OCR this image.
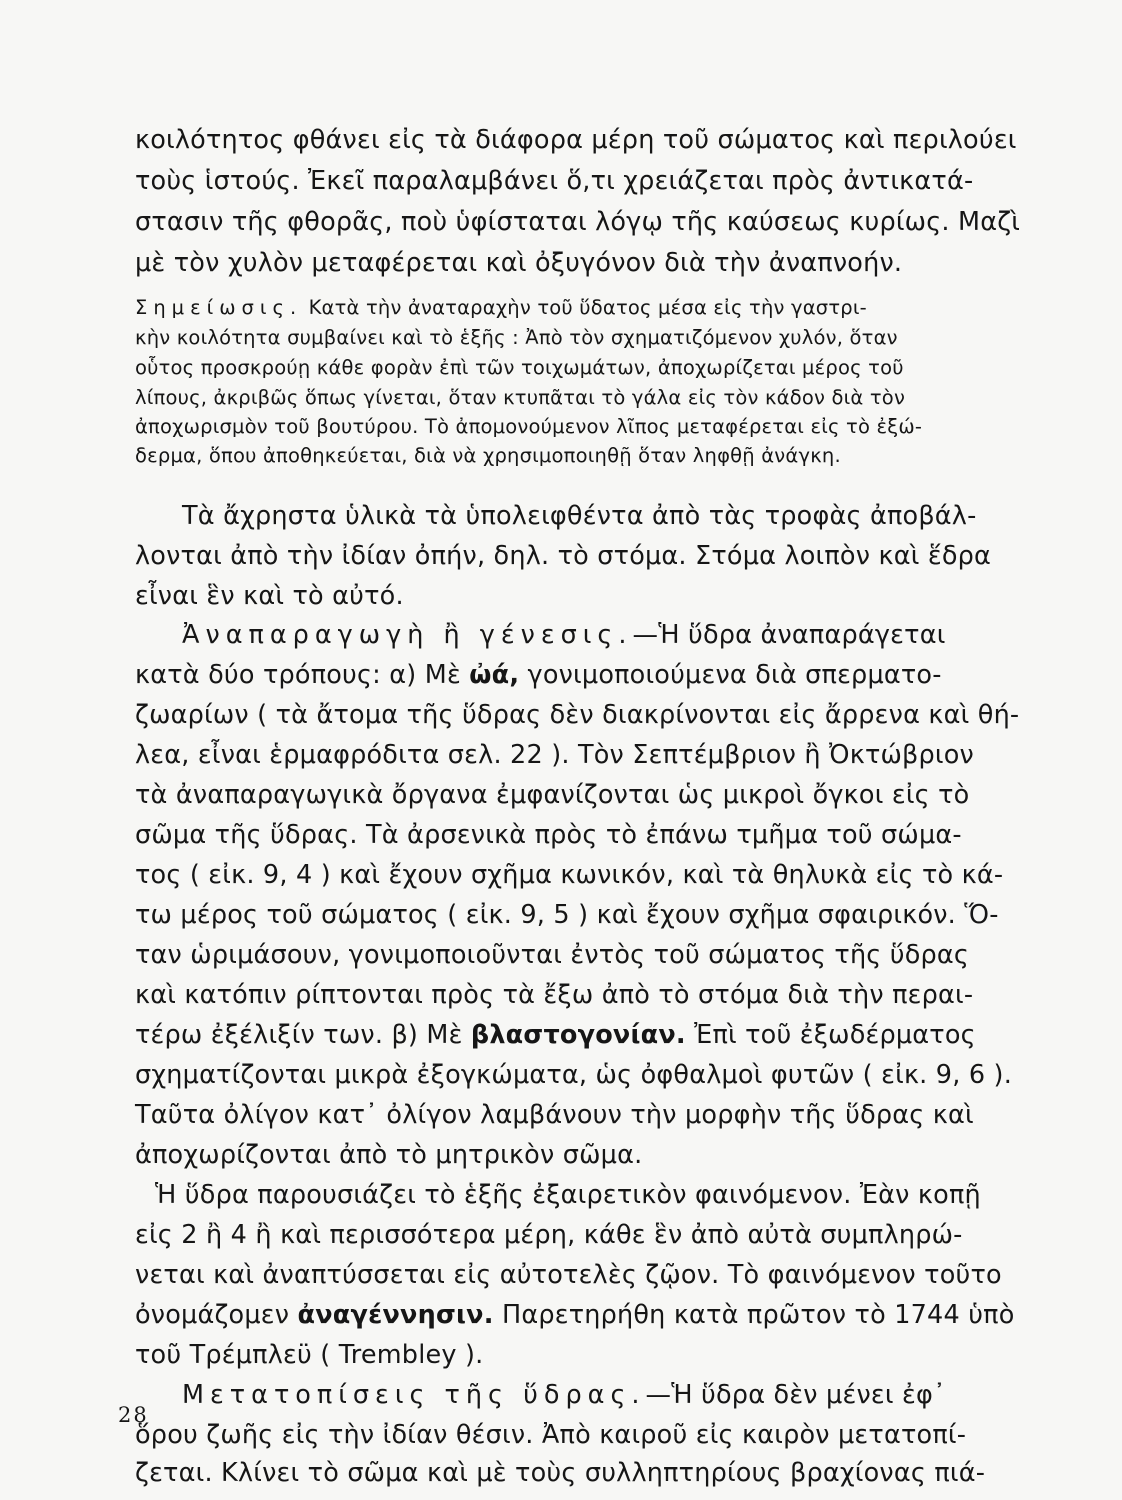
κοιλότητος φθάνει εἰς τὰ διάφορα μέρη τοῦ σώματος καὶ περιλούει
τοὺς ἱστούς. Ἐκεῖ παραλαμβάνει ὅ,τι χρειάζεται πρὸς ἀντικατά-
στασιν τῆς φθορᾶς, ποὺ ὑφίσταται λόγῳ τῆς καύσεως κυρίως. Μαζὶ
μὲ τὸν χυλὸν μεταφέρεται καὶ ὀξυγόνον διὰ τὴν ἀναπνοήν.
Σημείωσις. Κατὰ τὴν ἀναταραχὴν τοῦ ὕδατος μέσα εἰς τὴν γαστρι-
κὴν κοιλότητα συμβαίνει καὶ τὸ ἑξῆς : Ἀπὸ τὸν σχηματιζόμενον χυλόν, ὅταν
οὗτος προσκρούῃ κάθε φορὰν ἐπὶ τῶν τοιχωμάτων, ἀποχωρίζεται μέρος τοῦ
λίπους, ἀκριβῶς ὅπως γίνεται, ὅταν κτυπᾶται τὸ γάλα εἰς τὸν κάδον διὰ τὸν
ἀποχωρισμὸν τοῦ βουτύρου. Τὸ ἀπομονούμενον λῖπος μεταφέρεται εἰς τὸ ἐξώ-
δερμα, ὅπου ἀποθηκεύεται, διὰ νὰ χρησιμοποιηθῇ ὅταν ληφθῇ ἀνάγκη.
Τὰ ἄχρηστα ὑλικὰ τὰ ὑπολειφθέντα ἀπὸ τὰς τροφὰς ἀποβάλ-
λονται ἀπὸ τὴν ἰδίαν ὀπήν, δηλ. τὸ στόμα. Στόμα λοιπὸν καὶ ἕδρα
εἶναι ἓν καὶ τὸ αὐτό.
Ἀναπαραγωγὴ ἢ γένεσις.—Ἡ ὕδρα ἀναπαράγεται
κατὰ δύο τρόπους: α) Μὲ ὠά, γονιμοποιούμενα διὰ σπερματο-
ζωαρίων ( τὰ ἄτομα τῆς ὕδρας δὲν διακρίνονται εἰς ἄρρενα καὶ θή-
λεα, εἶναι ἑρμαφρόδιτα σελ. 22 ). Τὸν Σεπτέμβριον ἢ Ὀκτώβριον
τὰ ἀναπαραγωγικὰ ὄργανα ἐμφανίζονται ὡς μικροὶ ὄγκοι εἰς τὸ
σῶμα τῆς ὕδρας. Τὰ ἀρσενικὰ πρὸς τὸ ἐπάνω τμῆμα τοῦ σώμα-
τος ( εἰκ. 9, 4 ) καὶ ἔχουν σχῆμα κωνικόν, καὶ τὰ θηλυκὰ εἰς τὸ κά-
τω μέρος τοῦ σώματος ( εἰκ. 9, 5 ) καὶ ἔχουν σχῆμα σφαιρικόν. Ὅ-
ταν ὡριμάσουν, γονιμοποιοῦνται ἐντὸς τοῦ σώματος τῆς ὕδρας
καὶ κατόπιν ρίπτονται πρὸς τὰ ἔξω ἀπὸ τὸ στόμα διὰ τὴν περαι-
τέρω ἐξέλιξίν των. β) Μὲ βλαστογονίαν. Ἐπὶ τοῦ ἐξωδέρματος
σχηματίζονται μικρὰ ἐξογκώματα, ὡς ὀφθαλμοὶ φυτῶν ( εἰκ. 9, 6 ).
Ταῦτα ὀλίγον κατ᾽ ὀλίγον λαμβάνουν τὴν μορφὴν τῆς ὕδρας καὶ
ἀποχωρίζονται ἀπὸ τὸ μητρικὸν σῶμα.
Ἡ ὕδρα παρουσιάζει τὸ ἑξῆς ἐξαιρετικὸν φαινόμενον. Ἐὰν κοπῇ
εἰς 2 ἢ 4 ἢ καὶ περισσότερα μέρη, κάθε ἓν ἀπὸ αὐτὰ συμπληρώ-
νεται καὶ ἀναπτύσσεται εἰς αὐτοτελὲς ζῷον. Τὸ φαινόμενον τοῦτο
ὀνομάζομεν ἀναγέννησιν. Παρετηρήθη κατὰ πρῶτον τὸ 1744 ὑπὸ
τοῦ Τρέμπλεϋ ( Trembley ).
Μετατοπίσεις τῆς ὕδρας.—Ἡ ὕδρα δὲν μένει ἐφ᾽
ὅρου ζωῆς εἰς τὴν ἰδίαν θέσιν. Ἀπὸ καιροῦ εἰς καιρὸν μετατοπί-
ζεται. Κλίνει τὸ σῶμα καὶ μὲ τοὺς συλληπτηρίους βραχίονας πιά-
28
